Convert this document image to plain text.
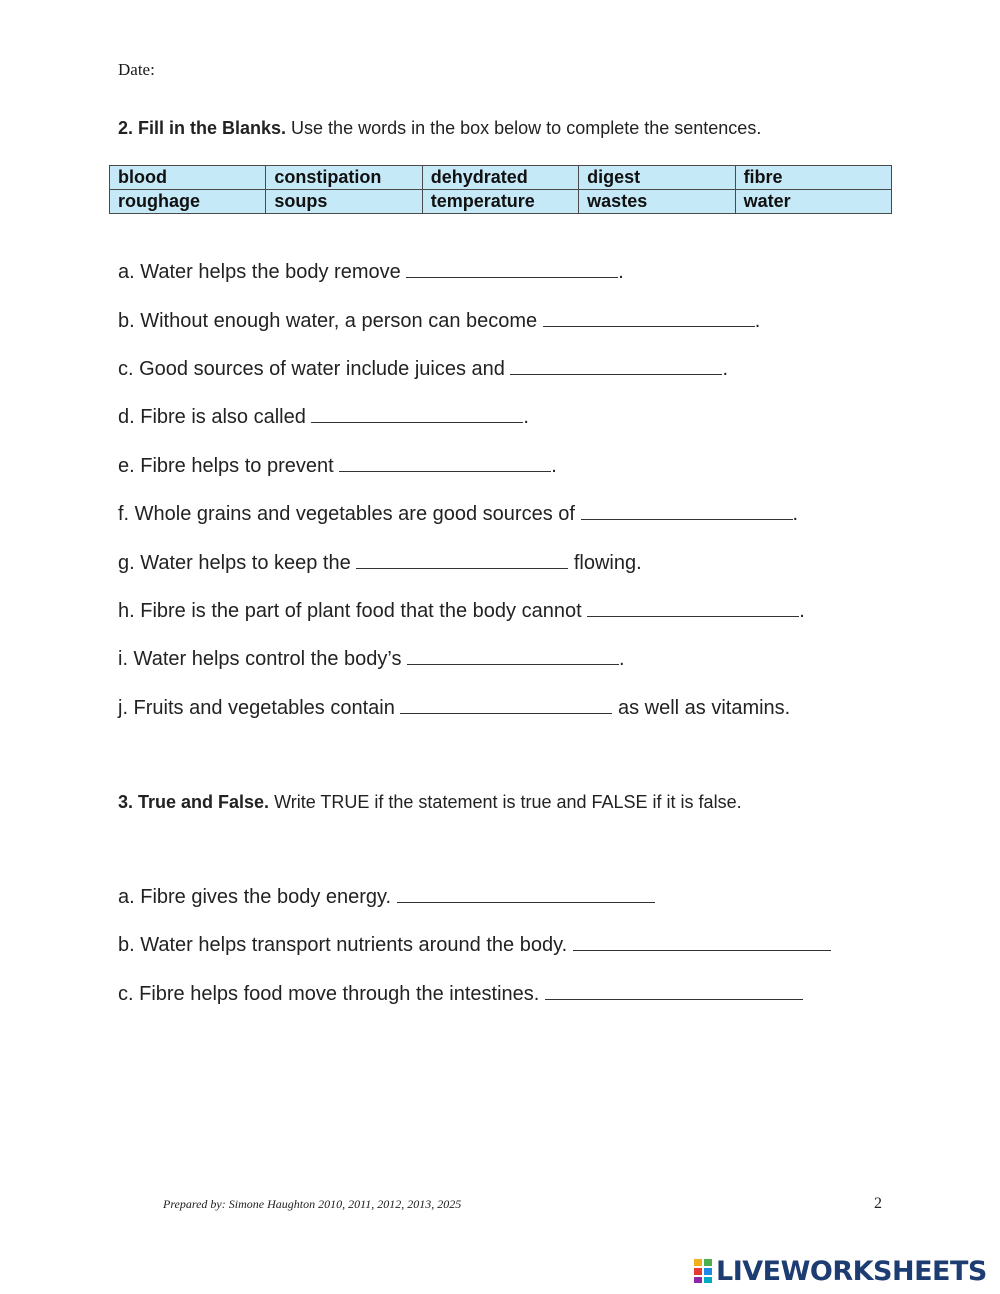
Date:
2. Fill in the Blanks. Use the words in the box below to complete the sentences.
blood	constipation	dehydrated	digest	fibre
roughage	soups	temperature	wastes	water
a. Water helps the body remove	.
b. Without enough water, a person can become	.
c. Good sources of water include juices and	.
d. Fibre is also called	.
e. Fibre helps to prevent	.
f. Whole grains and vegetables are good sources of	.
g. Water helps to keep the	flowing.
h. Fibre is the part of plant food that the body cannot	.
i. Water helps control the body’s	.
j. Fruits and vegetables contain	as well as vitamins.
3. True and False. Write TRUE if the statement is true and FALSE if it is false.
a. Fibre gives the body energy.
b. Water helps transport nutrients around the body.
c. Fibre helps food move through the intestines.
Prepared by: Simone Haughton 2010, 2011, 2012, 2013, 2025	2
LIVEWORKSHEETS
